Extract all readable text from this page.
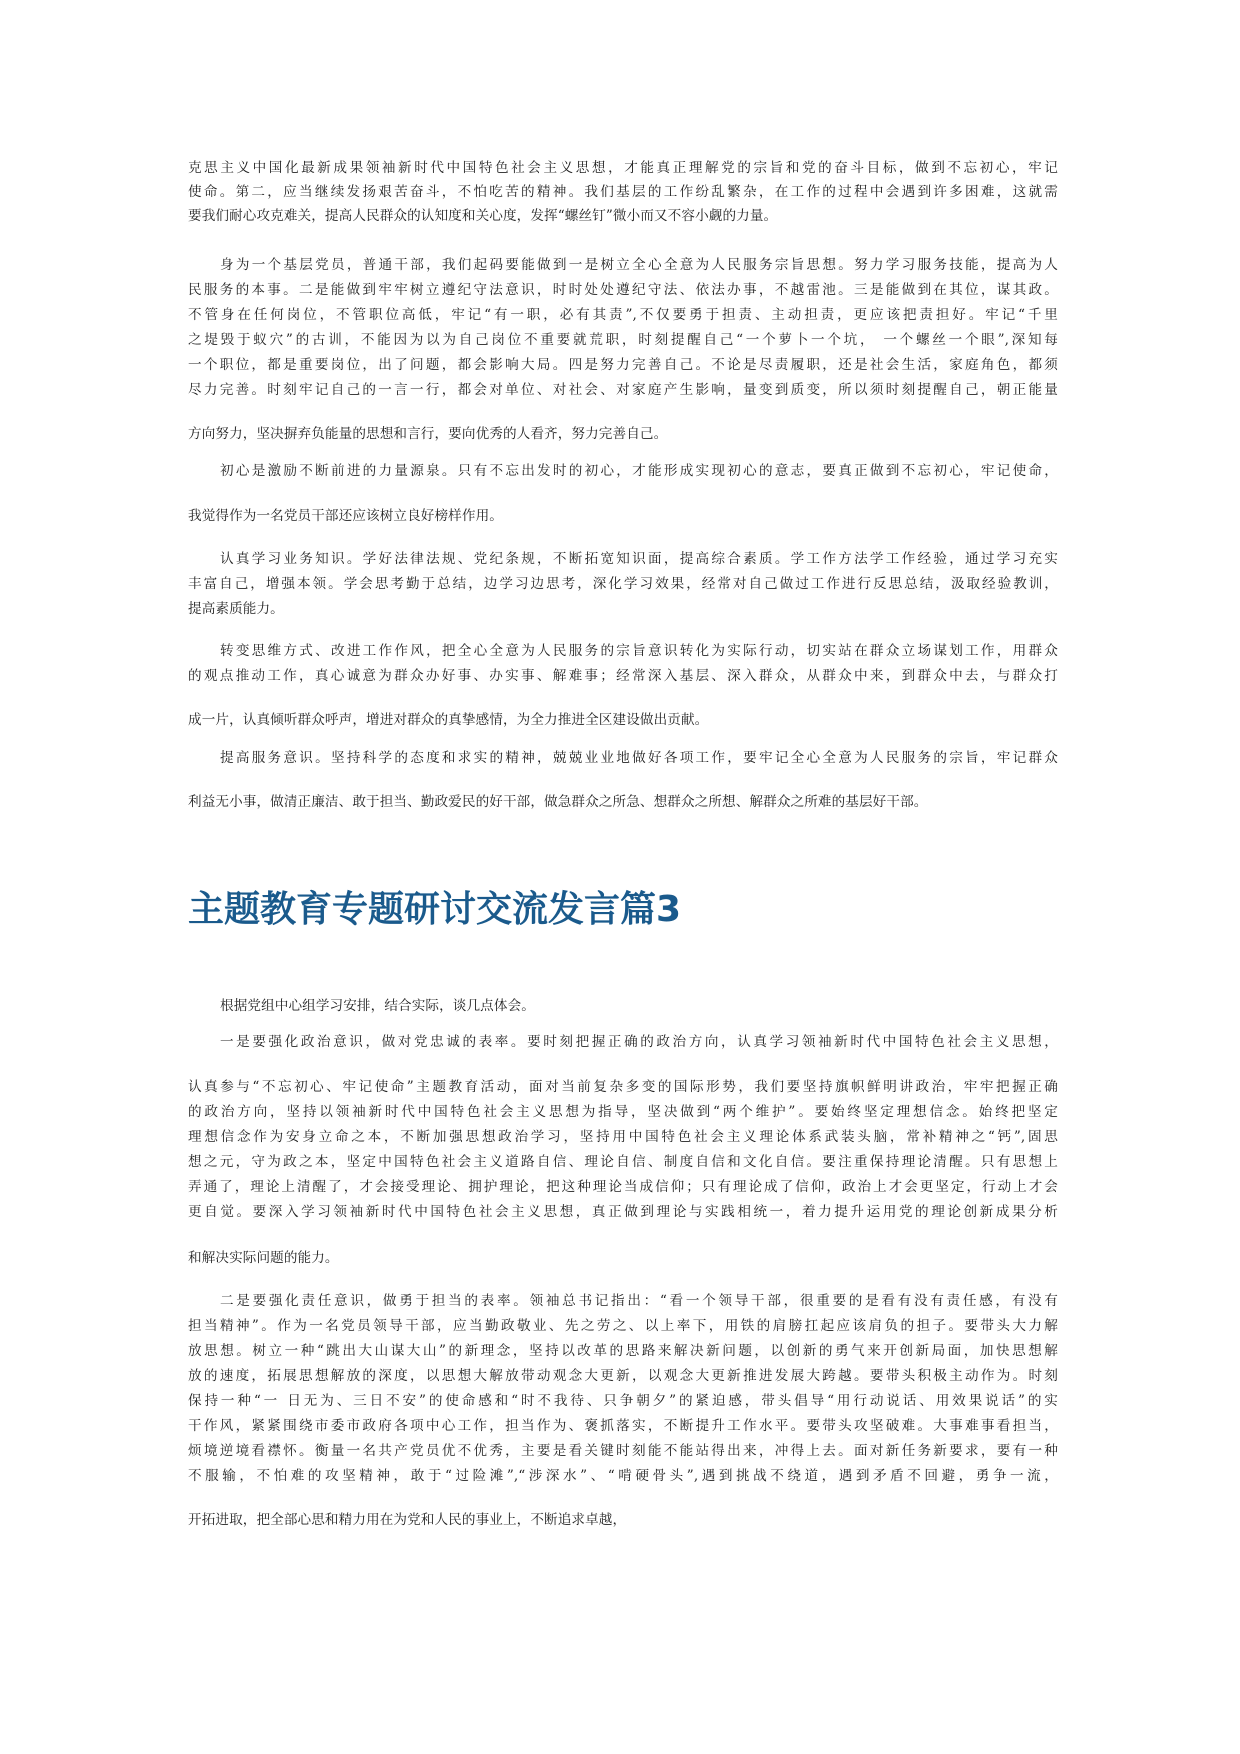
克思主义中国化最新成果领袖新时代中国特色社会主义思想，才能真正理解党的宗旨和党的奋斗目标，做到不忘初心，牢记
使命。第二，应当继续发扬艰苦奋斗，不怕吃苦的精神。我们基层的工作纷乱繁杂，在工作的过程中会遇到许多困难，这就需
要我们耐心攻克难关，提高人民群众的认知度和关心度，发挥“螺丝钉”微小而又不容小觑的力量。
身为一个基层党员，普通干部，我们起码要能做到一是树立全心全意为人民服务宗旨思想。努力学习服务技能，提高为人
民服务的本事。二是能做到牢牢树立遵纪守法意识，时时处处遵纪守法、依法办事，不越雷池。三是能做到在其位，谋其政。
不管身在任何岗位，不管职位高低，牢记“有一职，必有其责”,不仅要勇于担责、主动担责，更应该把责担好。牢记“千里
之堤毁于蚁穴”的古训，不能因为以为自己岗位不重要就荒职，时刻提醒自己“一个萝卜一个坑， 一个螺丝一个眼”,深知每
一个职位，都是重要岗位，出了问题，都会影响大局。四是努力完善自己。不论是尽责履职，还是社会生活，家庭角色，都须
尽力完善。时刻牢记自己的一言一行，都会对单位、对社会、对家庭产生影响，量变到质变，所以须时刻提醒自己，朝正能量
方向努力，坚决摒弃负能量的思想和言行，要向优秀的人看齐，努力完善自己。
初心是激励不断前进的力量源泉。只有不忘出发时的初心，才能形成实现初心的意志，要真正做到不忘初心，牢记使命，
我觉得作为一名党员干部还应该树立良好榜样作用。
认真学习业务知识。学好法律法规、党纪条规，不断拓宽知识面，提高综合素质。学工作方法学工作经验，通过学习充实
丰富自己，增强本领。学会思考勤于总结，边学习边思考，深化学习效果，经常对自己做过工作进行反思总结，汲取经验教训，
提高素质能力。
转变思维方式、改进工作作风，把全心全意为人民服务的宗旨意识转化为实际行动，切实站在群众立场谋划工作，用群众
的观点推动工作，真心诚意为群众办好事、办实事、解难事；经常深入基层、深入群众，从群众中来，到群众中去，与群众打
成一片，认真倾听群众呼声，增进对群众的真挚感情，为全力推进全区建设做出贡献。
提高服务意识。坚持科学的态度和求实的精神，兢兢业业地做好各项工作，要牢记全心全意为人民服务的宗旨，牢记群众
利益无小事，做清正廉洁、敢于担当、勤政爱民的好干部，做急群众之所急、想群众之所想、解群众之所难的基层好干部。
主题教育专题研讨交流发言篇3
根据党组中心组学习安排，结合实际，谈几点体会。
一是要强化政治意识，做对党忠诚的表率。要时刻把握正确的政治方向，认真学习领袖新时代中国特色社会主义思想，
认真参与“不忘初心、牢记使命”主题教育活动，面对当前复杂多变的国际形势，我们要坚持旗帜鲜明讲政治，牢牢把握正确
的政治方向，坚持以领袖新时代中国特色社会主义思想为指导，坚决做到“两个维护”。要始终坚定理想信念。始终把坚定
理想信念作为安身立命之本，不断加强思想政治学习，坚持用中国特色社会主义理论体系武装头脑，常补精神之“钙”,固思
想之元，守为政之本，坚定中国特色社会主义道路自信、理论自信、制度自信和文化自信。要注重保持理论清醒。只有思想上
弄通了，理论上清醒了，才会接受理论、拥护理论，把这种理论当成信仰；只有理论成了信仰，政治上才会更坚定，行动上才会
更自觉。要深入学习领袖新时代中国特色社会主义思想，真正做到理论与实践相统一，着力提升运用党的理论创新成果分析
和解决实际问题的能力。
二是要强化责任意识，做勇于担当的表率。领袖总书记指出：“看一个领导干部，很重要的是看有没有责任感，有没有
担当精神”。作为一名党员领导干部，应当勤政敬业、先之劳之、以上率下，用铁的肩膀扛起应该肩负的担子。要带头大力解
放思想。树立一种“跳出大山谋大山”的新理念，坚持以改革的思路来解决新问题，以创新的勇气来开创新局面，加快思想解
放的速度，拓展思想解放的深度，以思想大解放带动观念大更新，以观念大更新推进发展大跨越。要带头积极主动作为。时刻
保持一种“一 日无为、三日不安”的使命感和“时不我待、只争朝夕”的紧迫感，带头倡导“用行动说话、用效果说话”的实
干作风，紧紧围绕市委市政府各项中心工作，担当作为、褒抓落实，不断提升工作水平。要带头攻坚破难。大事难事看担当，
烦境逆境看襟怀。衡量一名共产党员优不优秀，主要是看关键时刻能不能站得出来，冲得上去。面对新任务新要求，要有一种
不服输，不怕难的攻坚精神，敢于“过险滩”,“涉深水”、“啃硬骨头”,遇到挑战不绕道，遇到矛盾不回避，勇争一流，
开拓进取，把全部心思和精力用在为党和人民的事业上，不断追求卓越，
